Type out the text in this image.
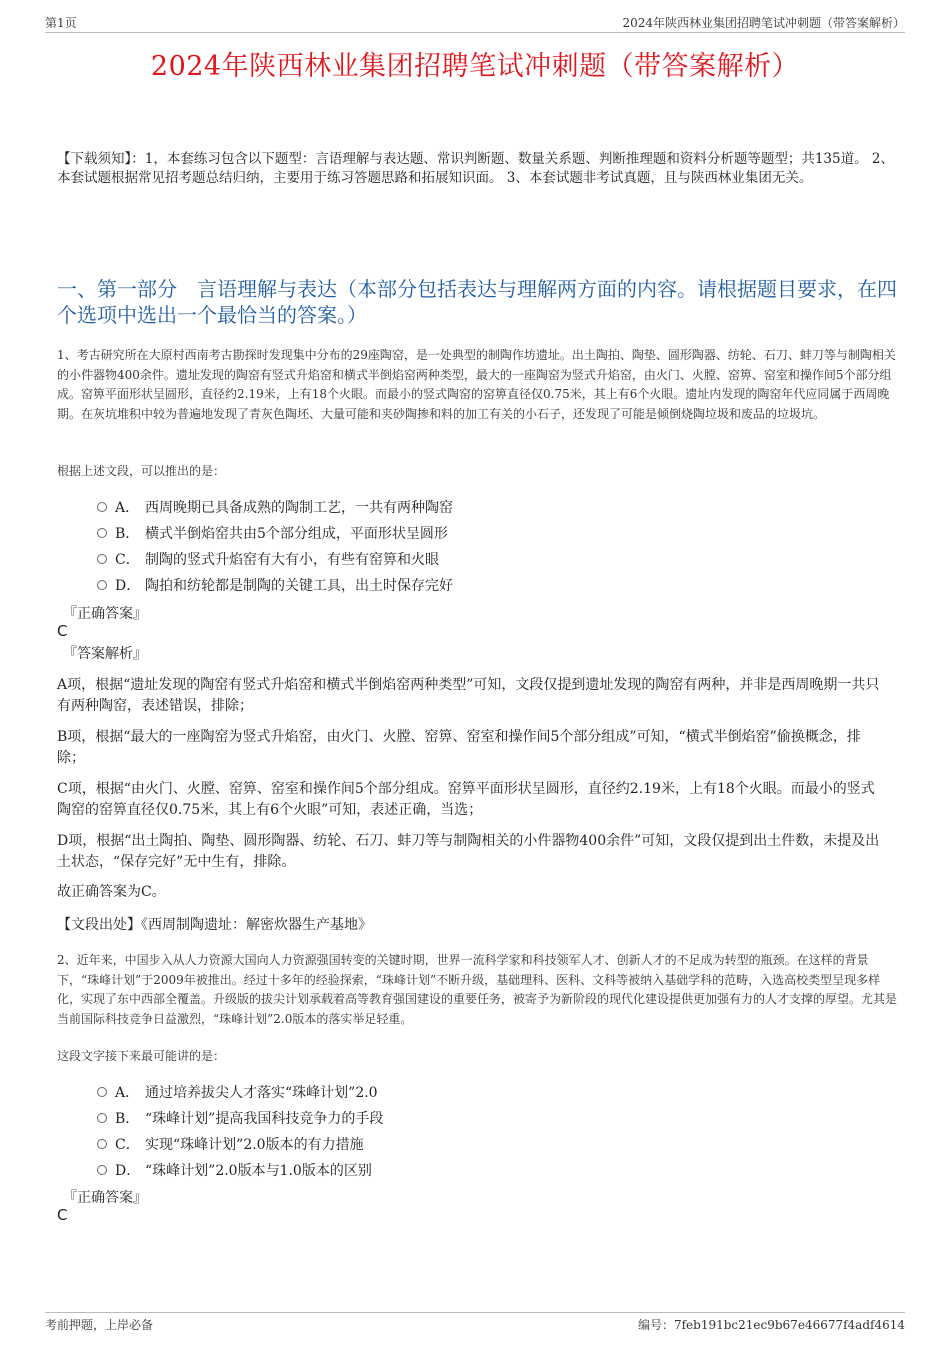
第1页	2024年陕西林业集团招聘笔试冲刺题（带答案解析）
2024年陕西林业集团招聘笔试冲刺题（带答案解析）
【下载须知】：1，本套练习包含以下题型：言语理解与表达题、常识判断题、数量关系题、判断推理题和资料分析题等题型；共135道。 2、本套试题根据常见招考题总结归纳，主要用于练习答题思路和拓展知识面。 3、本套试题非考试真题，且与陕西林业集团无关。
一、第一部分　言语理解与表达（本部分包括表达与理解两方面的内容。请根据题目要求，在四个选项中选出一个最恰当的答案。）
1、考古研究所在大原村西南考古勘探时发现集中分布的29座陶窑，是一处典型的制陶作坊遗址。出土陶拍、陶垫、圆形陶器、纺轮、石刀、蚌刀等与制陶相关的小件器物400余件。遗址发现的陶窑有竖式升焰窑和横式半倒焰窑两种类型，最大的一座陶窑为竖式升焰窑，由火门、火膛、窑箅、窑室和操作间5个部分组成。窑箅平面形状呈圆形，直径约2.19米，上有18个火眼。而最小的竖式陶窑的窑箅直径仅0.75米，其上有6个火眼。遗址内发现的陶窑年代应同属于西周晚期。在灰坑堆积中较为普遍地发现了青灰色陶坯、大量可能和夹砂陶掺和料的加工有关的小石子，还发现了可能是倾倒烧陶垃圾和废品的垃圾坑。
根据上述文段，可以推出的是：
A． 西周晚期已具备成熟的陶制工艺，一共有两种陶窑
B． 横式半倒焰窑共由5个部分组成，平面形状呈圆形
C． 制陶的竖式升焰窑有大有小，有些有窑箅和火眼
D． 陶拍和纺轮都是制陶的关键工具，出土时保存完好
『正确答案』
C
『答案解析』
A项，根据“遗址发现的陶窑有竖式升焰窑和横式半倒焰窑两种类型”可知，文段仅提到遗址发现的陶窑有两种，并非是西周晚期一共只有两种陶窑，表述错误，排除；
B项，根据“最大的一座陶窑为竖式升焰窑，由火门、火膛、窑箅、窑室和操作间5个部分组成”可知，“横式半倒焰窑”偷换概念，排除；
C项，根据“由火门、火膛、窑箅、窑室和操作间5个部分组成。窑箅平面形状呈圆形，直径约2.19米，上有18个火眼。而最小的竖式陶窑的窑箅直径仅0.75米，其上有6个火眼”可知，表述正确，当选；
D项，根据“出土陶拍、陶垫、圆形陶器、纺轮、石刀、蚌刀等与制陶相关的小件器物400余件”可知，文段仅提到出土件数，未提及出土状态，“保存完好”无中生有，排除。
故正确答案为C。
【文段出处】《西周制陶遗址：解密炊器生产基地》
2、近年来，中国步入从人力资源大国向人力资源强国转变的关键时期，世界一流科学家和科技领军人才、创新人才的不足成为转型的瓶颈。在这样的背景下，“珠峰计划”于2009年被推出。经过十多年的经验探索，“珠峰计划”不断升级，基础理科、医科、文科等被纳入基础学科的范畴，入选高校类型呈现多样化，实现了东中西部全覆盖。升级版的拔尖计划承载着高等教育强国建设的重要任务，被寄予为新阶段的现代化建设提供更加强有力的人才支撑的厚望。尤其是当前国际科技竞争日益激烈，“珠峰计划”2.0版本的落实举足轻重。
这段文字接下来最可能讲的是：
A． 通过培养拔尖人才落实“珠峰计划”2.0
B． “珠峰计划”提高我国科技竞争力的手段
C． 实现“珠峰计划”2.0版本的有力措施
D． “珠峰计划”2.0版本与1.0版本的区别
『正确答案』
C
考前押题，上岸必备	编号：7feb191bc21ec9b67e46677f4adf4614
